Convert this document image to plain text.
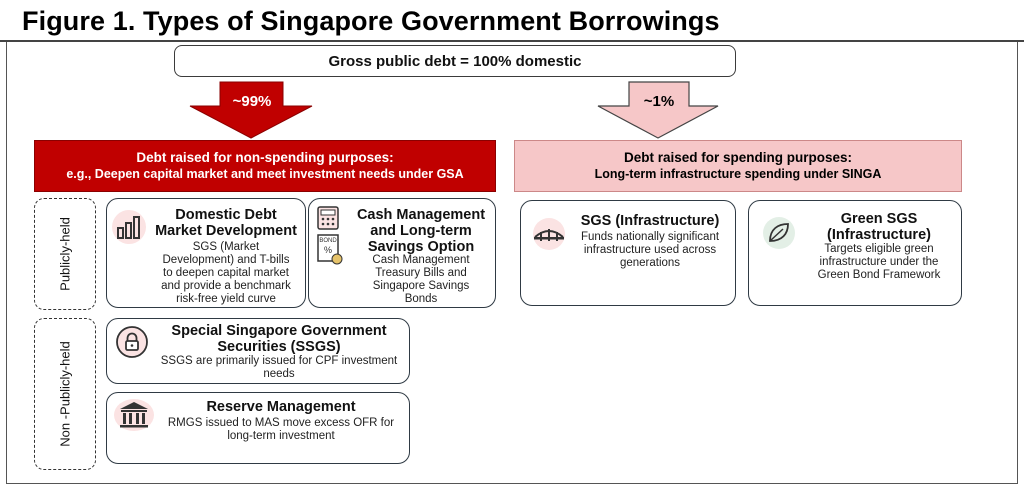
Figure 1. Types of Singapore Government Borrowings
Gross public debt = 100% domestic
~99%	~1%
Debt raised for non-spending purposes:
e.g., Deepen capital market and meet investment needs under GSA
Debt raised for spending purposes:
Long-term infrastructure spending under SINGA
Publicly-held
Non -Publicly-held
Domestic Debt
Market Development
SGS (Market
Development) and T-bills
to deepen capital market
and provide a benchmark
risk-free yield curve
BOND
%
Cash Management
and Long-term
Savings Option
Cash Management
Treasury Bills and
Singapore Savings
Bonds
Special Singapore Government
Securities (SSGS)
SSGS are primarily issued for CPF investment
needs
Reserve Management
RMGS issued to MAS move excess OFR for
long-term investment
SGS (Infrastructure)
Funds nationally significant
infrastructure used across
generations
Green SGS
(Infrastructure)
Targets eligible green
infrastructure under the
Green Bond Framework
